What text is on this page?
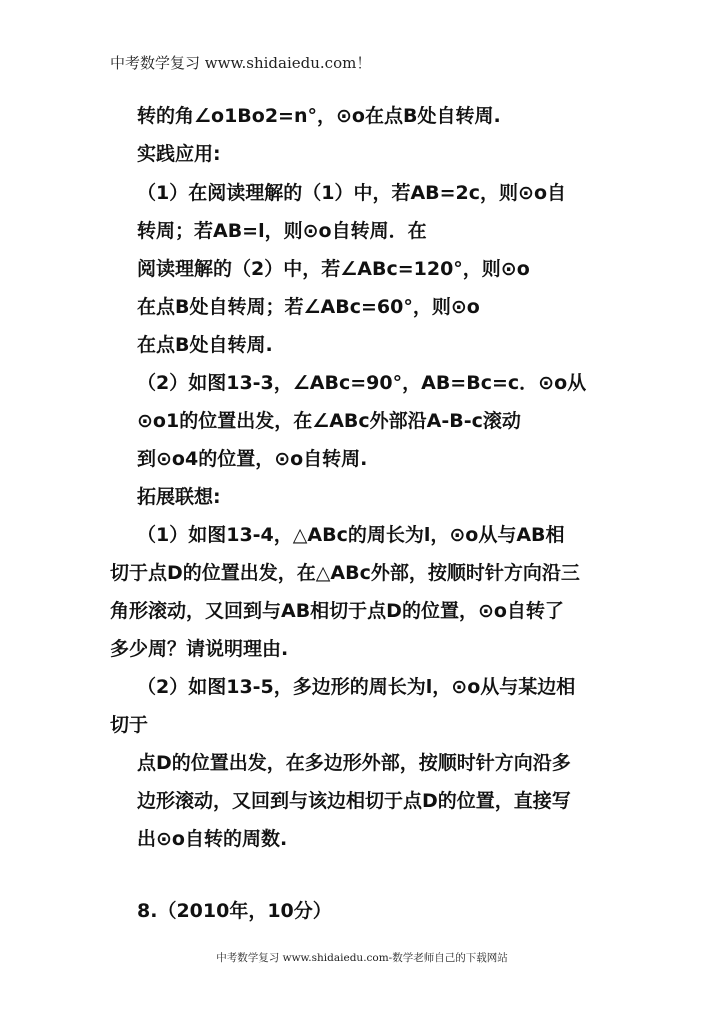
中考数学复习 www.shidaiedu.com！
转的角∠o1Bo2=n°，⊙o在点B处自转周.
实践应用:
（1）在阅读理解的（1）中，若AB=2c，则⊙o自
转周；若AB=l，则⊙o自转周．在
阅读理解的（2）中，若∠ABc=120°，则⊙o
在点B处自转周；若∠ABc=60°，则⊙o
在点B处自转周.
（2）如图13-3，∠ABc=90°，AB=Bc=c．⊙o从
⊙o1的位置出发，在∠ABc外部沿A-B-c滚动
到⊙o4的位置，⊙o自转周.
拓展联想:
（1）如图13-4，△ABc的周长为l，⊙o从与AB相
切于点D的位置出发，在△ABc外部，按顺时针方向沿三
角形滚动，又回到与AB相切于点D的位置，⊙o自转了
多少周？请说明理由.
（2）如图13-5，多边形的周长为l，⊙o从与某边相
切于
点D的位置出发，在多边形外部，按顺时针方向沿多
边形滚动，又回到与该边相切于点D的位置，直接写
出⊙o自转的周数.
8.（2010年，10分）
中考数学复习 www.shidaiedu.com-数学老师自己的下载网站
